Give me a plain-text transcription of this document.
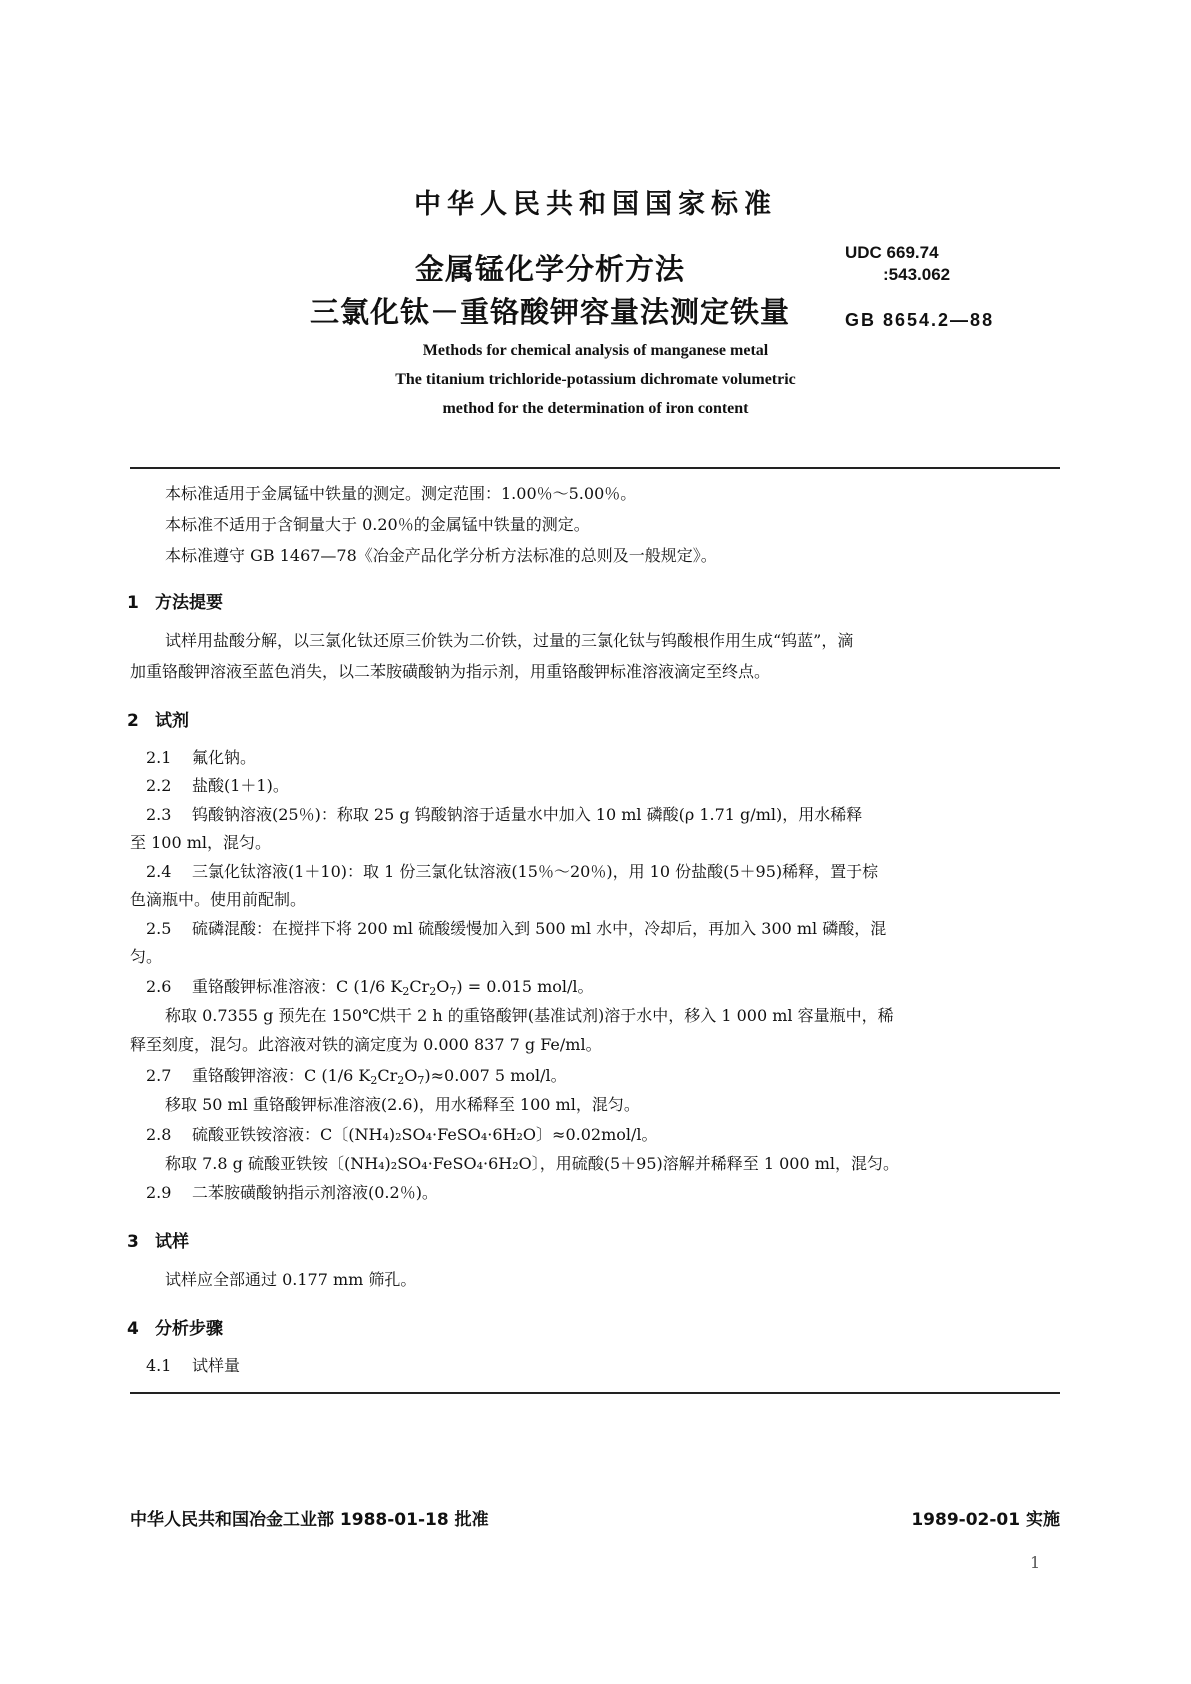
中华人民共和国国家标准
金属锰化学分析方法
三氯化钛－重铬酸钾容量法测定铁量
UDC 669.74
:543.062
GB 8654.2—88
Methods for chemical analysis of manganese metal
The titanium trichloride-potassium dichromate volumetric
method for the determination of iron content
本标准适用于金属锰中铁量的测定。测定范围：1.00％～5.00％。
本标准不适用于含铜量大于 0.20％的金属锰中铁量的测定。
本标准遵守 GB 1467—78《冶金产品化学分析方法标准的总则及一般规定》。
1 方法提要
试样用盐酸分解，以三氯化钛还原三价铁为二价铁，过量的三氯化钛与钨酸根作用生成“钨蓝”，滴
加重铬酸钾溶液至蓝色消失，以二苯胺磺酸钠为指示剂，用重铬酸钾标准溶液滴定至终点。
2 试剂
2.1 氟化钠。
2.2 盐酸(1＋1)。
2.3 钨酸钠溶液(25％)：称取 25 g 钨酸钠溶于适量水中加入 10 ml 磷酸(ρ 1.71 g/ml)，用水稀释
至 100 ml，混匀。
2.4 三氯化钛溶液(1＋10)：取 1 份三氯化钛溶液(15％～20％)，用 10 份盐酸(5＋95)稀释，置于棕
色滴瓶中。使用前配制。
2.5 硫磷混酸：在搅拌下将 200 ml 硫酸缓慢加入到 500 ml 水中，冷却后，再加入 300 ml 磷酸，混
匀。
2.6 重铬酸钾标准溶液：C (1/6 $K_2Cr_2O_7) = 0.015$ mol/l。
称取 0.7355 g 预先在 150℃烘干 2 h 的重铬酸钾(基准试剂)溶于水中，移入 1 000 ml 容量瓶中，稀
释至刻度，混匀。此溶液对铁的滴定度为 0.000 837 7 g Fe/ml。
2.7 重铬酸钾溶液：C (1/6 $K_2Cr_2O_7)\approx 0.007$ 5 mol/l。
移取 50 ml 重铬酸钾标准溶液(2.6)，用水稀释至 100 ml，混匀。
2.8 硫酸亚铁铵溶液：C〔(NH₄)₂SO₄·FeSO₄·6H₂O〕≈0.02mol/l。
称取 7.8 g 硫酸亚铁铵〔(NH₄)₂SO₄·FeSO₄·6H₂O〕，用硫酸(5＋95)溶解并稀释至 1 000 ml，混匀。
2.9 二苯胺磺酸钠指示剂溶液(0.2％)。
3 试样
试样应全部通过 0.177 mm 筛孔。
4 分析步骤
4.1 试样量
中华人民共和国冶金工业部 1988-01-18 批准	1989-02-01 实施
1
